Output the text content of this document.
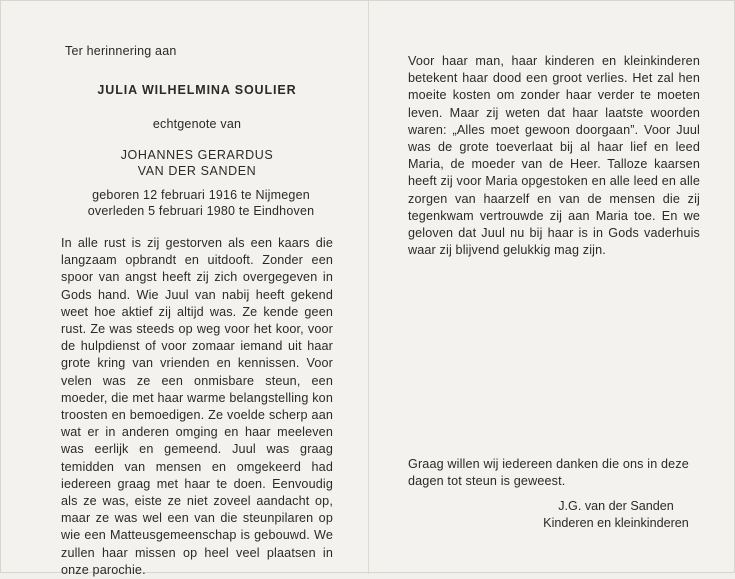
Ter herinnering aan
JULIA WILHELMINA SOULIER
echtgenote van
JOHANNES GERARDUS
VAN DER SANDEN
geboren 12 februari 1916 te Nijmegen
overleden 5 februari 1980 te Eindhoven
In alle rust is zij gestorven als een kaars die langzaam opbrandt en uitdooft. Zonder een spoor van angst heeft zij zich overgegeven in Gods hand. Wie Juul van nabij heeft gekend weet hoe aktief zij altijd was. Ze kende geen rust. Ze was steeds op weg voor het koor, voor de hulpdienst of voor zomaar iemand uit haar grote kring van vrienden en kennissen. Voor velen was ze een onmisbare steun, een moeder, die met haar warme belangstelling kon troosten en bemoedigen. Ze voelde scherp aan wat er in anderen omging en haar meeleven was eerlijk en gemeend. Juul was graag temidden van mensen en omgekeerd had iedereen graag met haar te doen. Eenvoudig als ze was, eiste ze niet zoveel aandacht op, maar ze was wel een van die steunpilaren op wie een Matteusgemeenschap is gebouwd. We zullen haar missen op heel veel plaatsen in onze parochie.
Voor haar man, haar kinderen en kleinkinderen betekent haar dood een groot verlies. Het zal hen moeite kosten om zonder haar verder te moeten leven. Maar zij weten dat haar laatste woorden waren: „Alles moet gewoon doorgaan”. Voor Juul was de grote toeverlaat bij al haar lief en leed Maria, de moeder van de Heer. Talloze kaarsen heeft zij voor Maria opgestoken en alle leed en alle zorgen van haarzelf en van de mensen die zij tegenkwam vertrouwde zij aan Maria toe. En we geloven dat Juul nu bij haar is in Gods vaderhuis waar zij blijvend gelukkig mag zijn.
Graag willen wij iedereen danken die ons in deze dagen tot steun is geweest.
J.G. van der Sanden
Kinderen en kleinkinderen
